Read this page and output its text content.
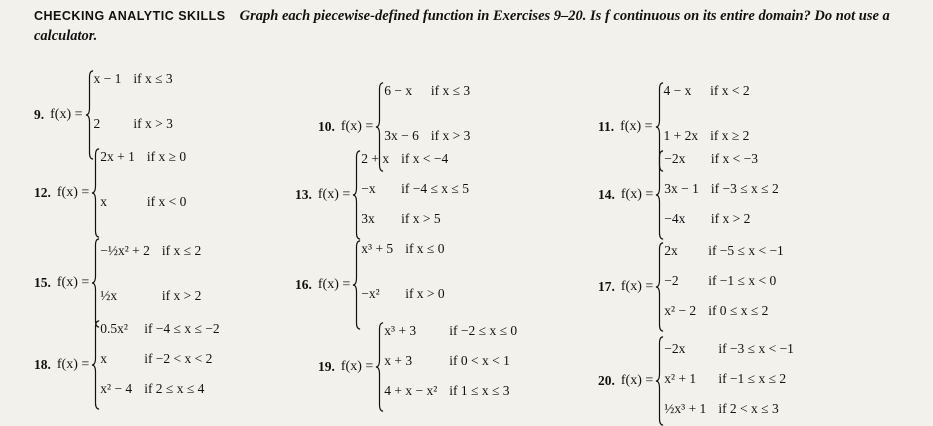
CHECKING ANALYTIC SKILLS Graph each piecewise-defined function in Exercises 9–20. Is f continuous on its entire domain? Do not use a calculator.
9. f(x) =
x − 1 if x ≤ 3
2	if x > 3	10. f(x) =
6 − x	if x ≤ 3
3x − 6 if x > 3
11. f(x) =
4 − x	if x < 2
1 + 2x if x ≥ 2
12. f(x) =
2x + 1 if x ≥ 0
x	if x < 0	13. f(x) =
2 + x if x < −4
−x	if −4 ≤ x ≤ 5
3x	if x > 5
14. f(x) =
−2x	if x < −3
3x − 1 if −3 ≤ x ≤ 2
−4x	if x > 2
15. f(x) =
−½x² + 2 if x ≤ 2
½x	if x > 2
16. f(x) =
x³ + 5 if x ≤ 0
−x²	if x > 0	17. f(x) =
2x	if −5 ≤ x < −1
−2	if −1 ≤ x < 0
x² − 2 if 0 ≤ x ≤ 2
18. f(x) =
0.5x²	if −4 ≤ x ≤ −2
x	if −2 < x < 2
x² − 4 if 2 ≤ x ≤ 4
19. f(x) =
x³ + 3	if −2 ≤ x ≤ 0
x + 3	if 0 < x < 1
4 + x − x² if 1 ≤ x ≤ 3
20. f(x) =
−2x	if −3 ≤ x < −1
x² + 1	if −1 ≤ x ≤ 2
½x³ + 1 if 2 < x ≤ 3
